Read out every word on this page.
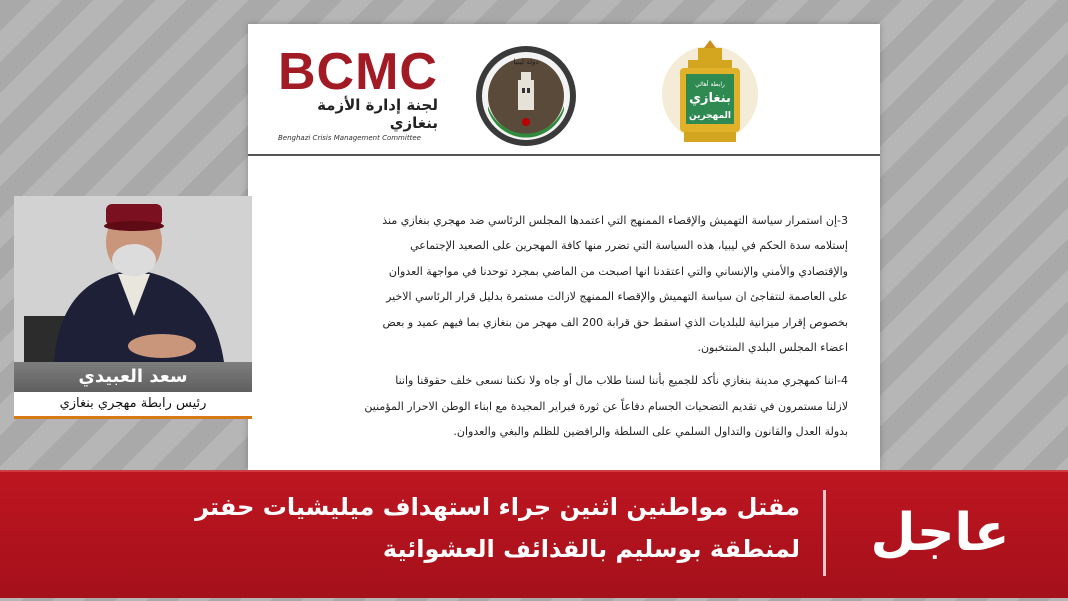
BCMC
لجنة إدارة الأزمة بنغازي
Benghazi Crisis Management Committee
دولة ليبيا
رابطة أهالي
بنغازي
المهجرين

3-إن استمرار سياسة التهميش والإقصاء الممنهج التي اعتمدها المجلس الرئاسي ضد مهجري بنغازي منذ
إستلامه سدة الحكم في ليبيا، هذه السياسة التي تضرر منها كافة المهجرين على الصعيد الإجتماعي
والإقتصادي والأمني والإنساني والتي اعتقدنا انها اصبحت من الماضي بمجرد توحدنا في مواجهة العدوان
على العاصمة لنتفاجئ ان سياسة التهميش والإقصاء الممنهج لازالت مستمرة بدليل قرار الرئاسي الاخير
بخصوص إقرار ميزانية للبلديات الذي اسقط حق قرابة 200 الف مهجر من بنغازي بما فيهم عميد و بعض
اعضاء المجلس البلدي المنتخبون.

4-اننا كمهجري مدينة بنغازي نأكد للجميع بأننا لسنا طلاب مال أو جاه ولا نكننا نسعى خلف حقوقنا واننا
لازلنا مستمرون في تقديم التضحيات الجسام دفاعاً عن ثورة فبراير المجيدة مع ابناء الوطن الاحرار المؤمنين
بدولة العدل والقانون والتداول السلمي على السلطة والرافضين للظلم والبغي والعدوان.

سعد العبيدي
رئيس رابطة مهجري بنغازي
مقتل مواطنين اثنين جراء استهداف ميليشيات حفتر
لمنطقة بوسليم بالقذائف العشوائية	عاجل
